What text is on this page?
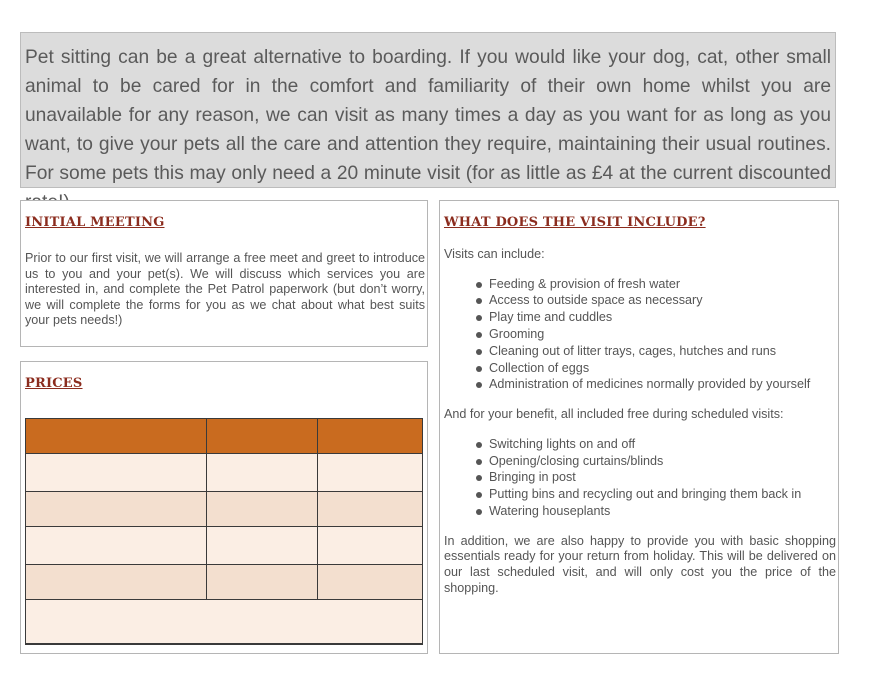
Pet sitting can be a great alternative to boarding. If you would like your dog, cat, other small animal to be cared for in the comfort and familiarity of their own home whilst you are unavailable for any reason, we can visit as many times a day as you want for as long as you want, to give your pets all the care and attention they require, maintaining their usual routines. For some pets this may only need a 20 minute visit (for as little as £4 at the current discounted

INITIAL MEETING

Prior to our first visit, we will arrange a free meet and greet to introduce us to you and your pet(s). We will discuss which services you are interested in, and complete the Pet Patrol paperwork (but don’t worry, we will complete the forms for you as we chat about what best suits your pets needs!)

PRICES

WHAT DOES THE VISIT INCLUDE?

Visits can include:

Feeding & provision of fresh water
Access to outside space as necessary
Play time and cuddles
Grooming
Cleaning out of litter trays, cages, hutches and runs
Collection of eggs
Administration of medicines normally provided by yourself

And for your benefit, all included free during scheduled visits:

Switching lights on and off
Opening/closing curtains/blinds
Bringing in post
Putting bins and recycling out and bringing them back in
Watering houseplants

In addition, we are also happy to provide you with basic shopping essentials ready for your return from holiday. This will be delivered on our last scheduled visit, and will only cost you the price of the shopping.
